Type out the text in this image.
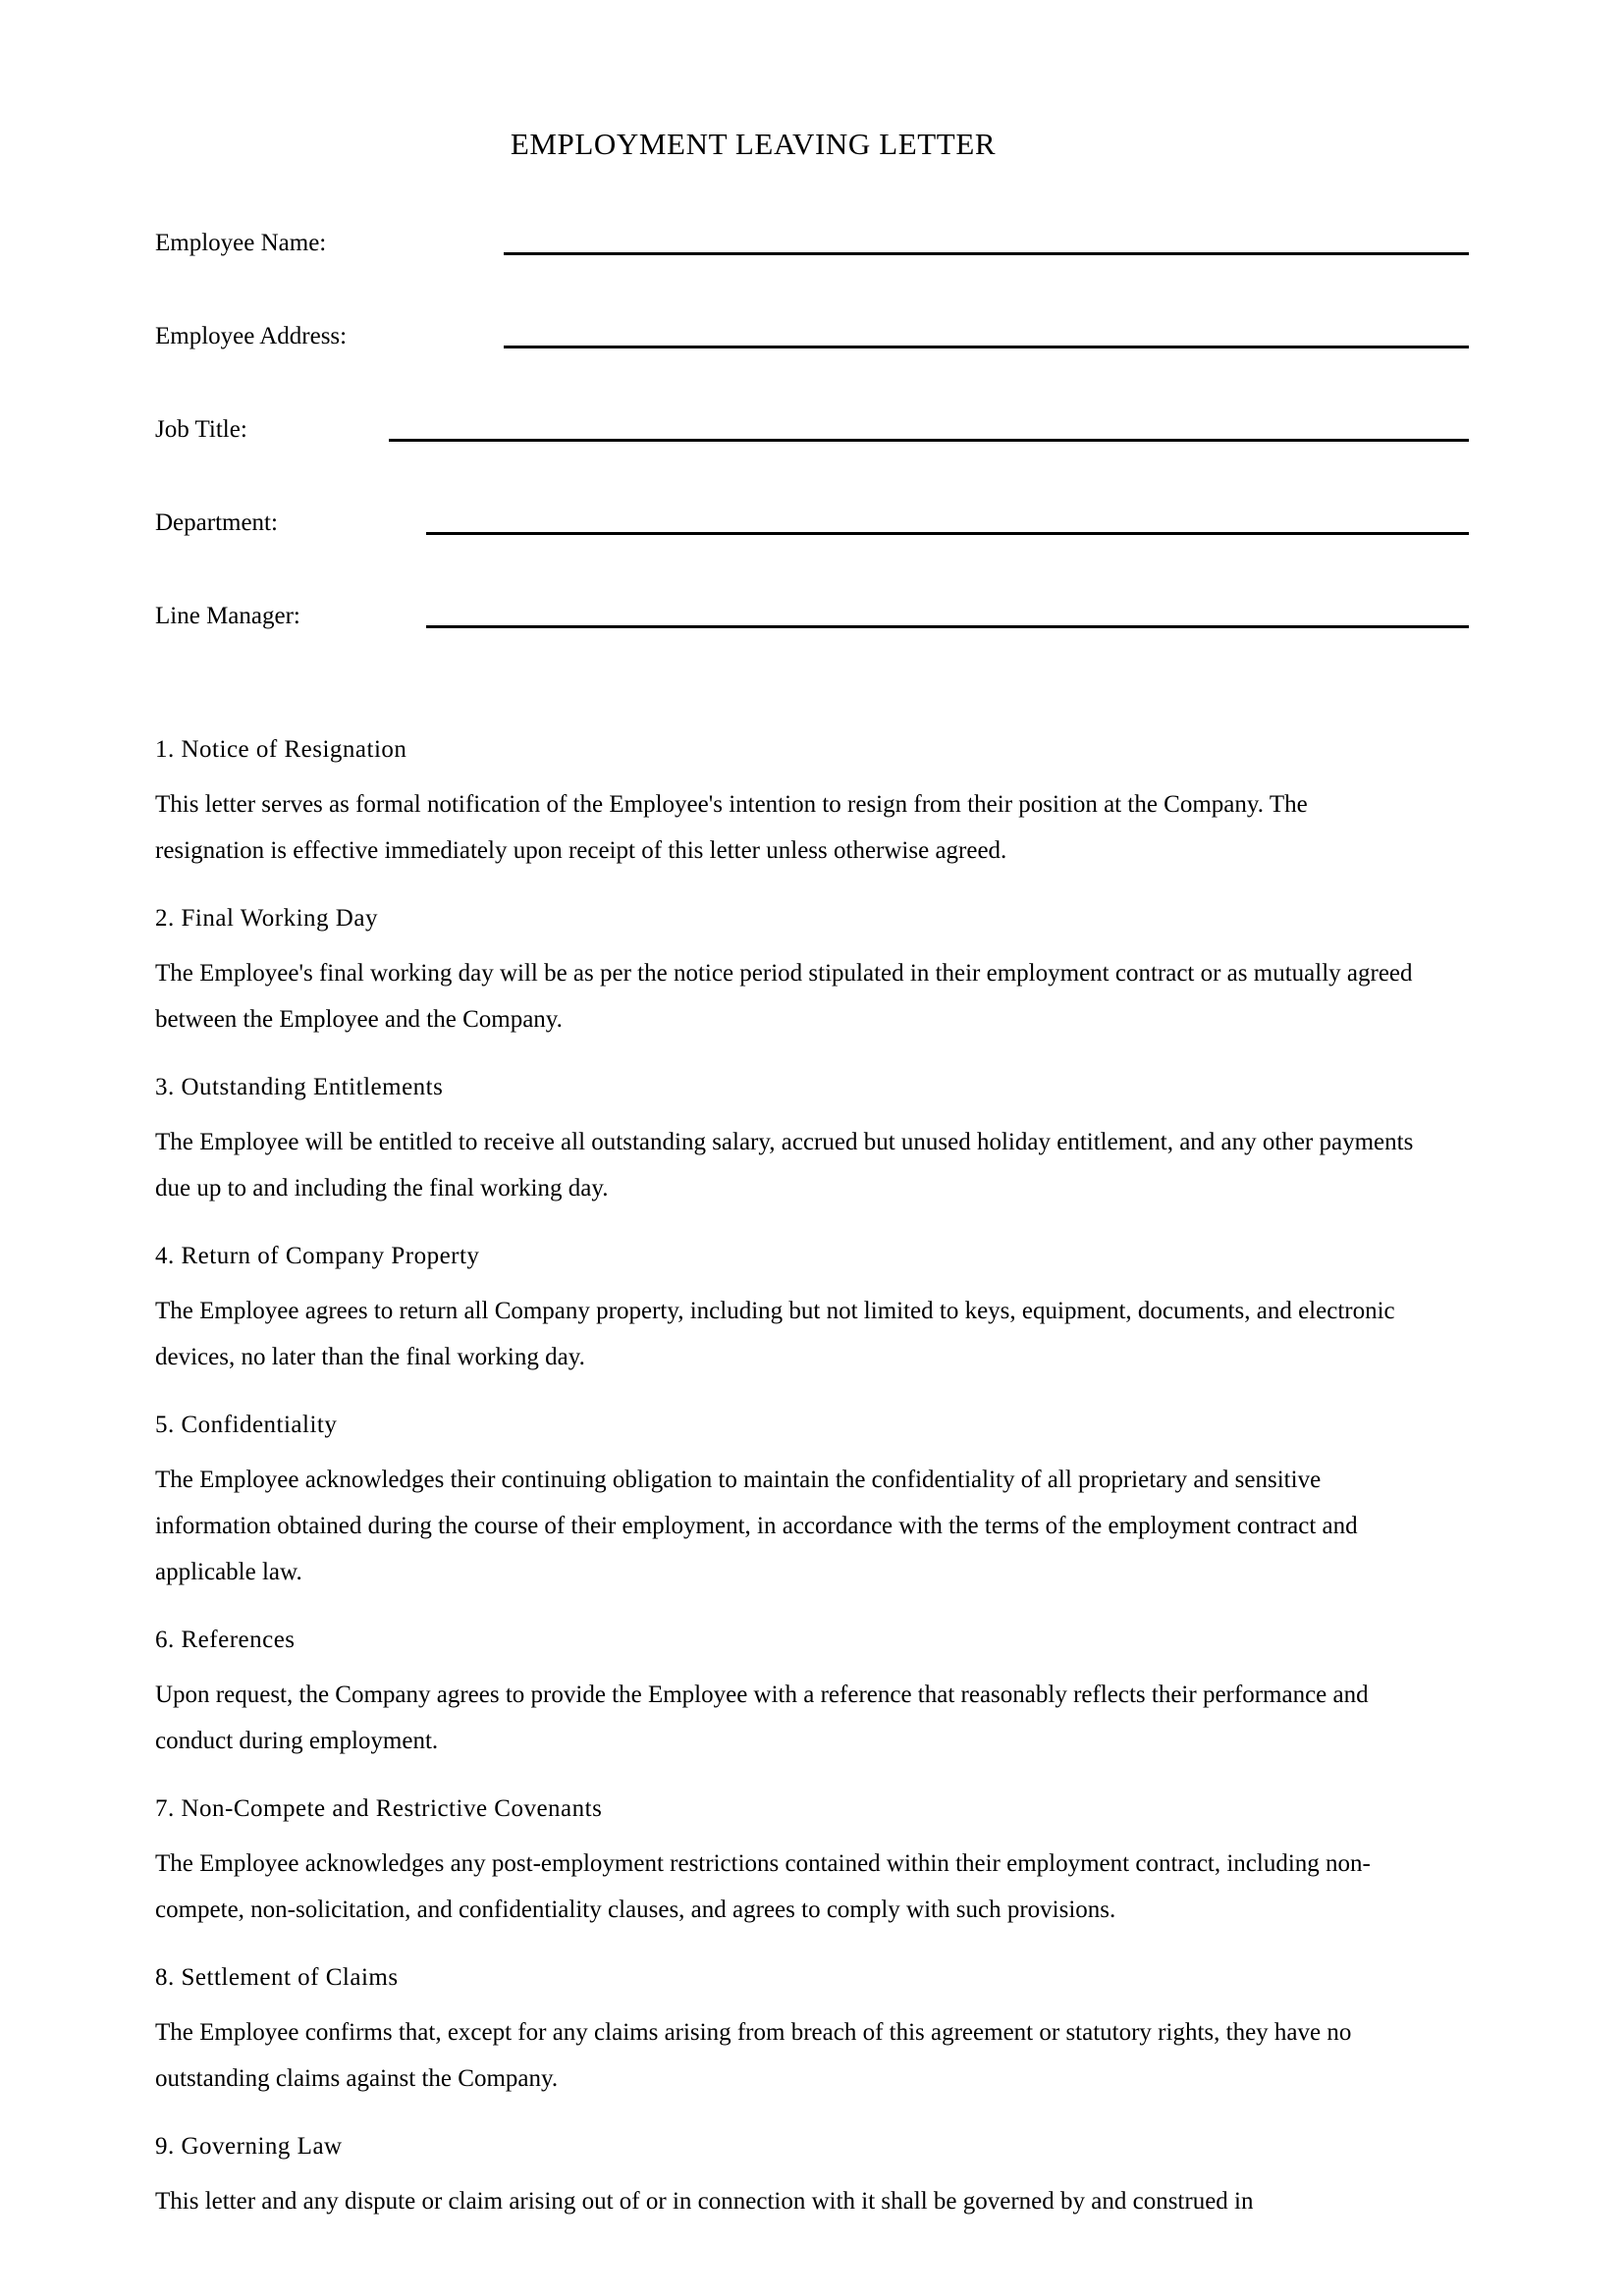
EMPLOYMENT LEAVING LETTER
Employee Name:
Employee Address:
Job Title:
Department:
Line Manager:

1. Notice of Resignation

This letter serves as formal notification of the Employee's intention to resign from their position at the Company. The resignation is effective immediately upon receipt of this letter unless otherwise agreed.

2. Final Working Day

The Employee's final working day will be as per the notice period stipulated in their employment contract or as mutually agreed between the Employee and the Company.

3. Outstanding Entitlements

The Employee will be entitled to receive all outstanding salary, accrued but unused holiday entitlement, and any other payments due up to and including the final working day.

4. Return of Company Property

The Employee agrees to return all Company property, including but not limited to keys, equipment, documents, and electronic devices, no later than the final working day.

5. Confidentiality

The Employee acknowledges their continuing obligation to maintain the confidentiality of all proprietary and sensitive information obtained during the course of their employment, in accordance with the terms of the employment contract and applicable law.

6. References

Upon request, the Company agrees to provide the Employee with a reference that reasonably reflects their performance and conduct during employment.

7. Non-Compete and Restrictive Covenants

The Employee acknowledges any post-employment restrictions contained within their employment contract, including non-compete, non-solicitation, and confidentiality clauses, and agrees to comply with such provisions.

8. Settlement of Claims

The Employee confirms that, except for any claims arising from breach of this agreement or statutory rights, they have no outstanding claims against the Company.

9. Governing Law

This letter and any dispute or claim arising out of or in connection with it shall be governed by and construed in
